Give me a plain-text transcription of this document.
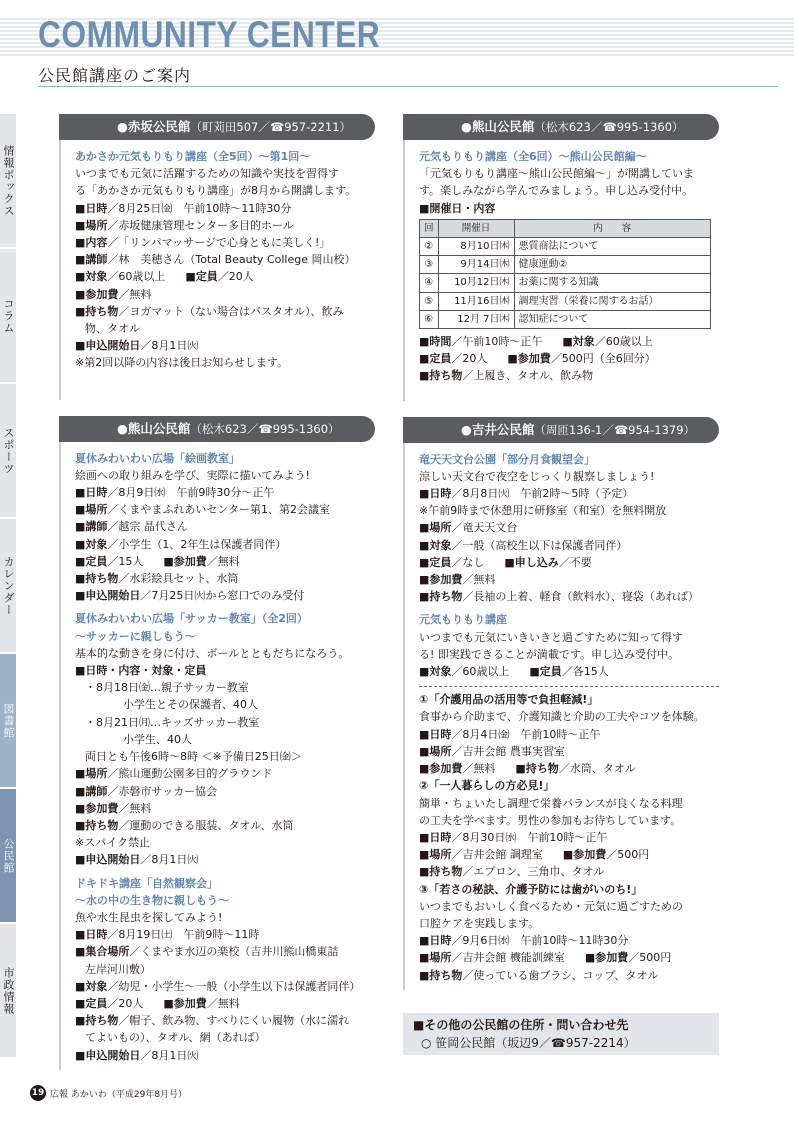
COMMUNITY CENTER
公民館講座のご案内
情報ボックス
コラム
スポーツ
カレンダー
図書館
公民館
市政情報
●赤坂公民館（町苅田507／☎957-2211）
あかさか元気もりもり講座（全5回）～第1回～
いつまでも元気に活躍するための知識や実技を習得す
る「あかさか元気もりもり講座」が8月から開講します。
■日時／8月25日㈮　午前10時～11時30分
■場所／赤坂健康管理センター多目的ホール
■内容／「リンパマッサージで心身ともに美しく!」
■講師／林　美穂さん（Total Beauty College 岡山校）
■対象／60歳以上 ■定員／20人
■参加費／無料
■持ち物／ヨガマット（ない場合はバスタオル）、飲み
物、タオル
■申込開始日／8月1日㈫
※第2回以降の内容は後日お知らせします。
●熊山公民館（松木623／☎995-1360）
夏休みわいわい広場「絵画教室」
絵画への取り組みを学び、実際に描いてみよう!
■日時／8月9日㈬　午前9時30分～正午
■場所／くまやまふれあいセンター第1、第2会議室
■講師／越宗 晶代さん
■対象／小学生（1、2年生は保護者同伴）
■定員／15人 ■参加費／無料
■持ち物／水彩絵具セット、水筒
■申込開始日／7月25日㈫から窓口でのみ受付
夏休みわいわい広場「サッカー教室」（全2回）
～サッカーに親しもう～
基本的な動きを身に付け、ボールとともだちになろう。
■日時・内容・対象・定員
・8月18日㈮…親子サッカー教室
小学生とその保護者、40人
・8月21日㈪…キッズサッカー教室
小学生、40人
両日とも午後6時～8時 ＜※予備日25日㈮＞
■場所／熊山運動公園多目的グラウンド
■講師／赤磐市サッカー協会
■参加費／無料
■持ち物／運動のできる服装、タオル、水筒
※スパイク禁止
■申込開始日／8月1日㈫
ドキドキ講座「自然観察会」
～水の中の生き物に親しもう～
魚や水生昆虫を探してみよう!
■日時／8月19日㈯　午前9時～11時
■集合場所／くまやま水辺の楽校（吉井川熊山橋東詰
左岸河川敷）
■対象／幼児・小学生～一般（小学生以下は保護者同伴）
■定員／20人 ■参加費／無料
■持ち物／帽子、飲み物、すべりにくい履物（水に濡れ
てよいもの）、タオル、網（あれば）
■申込開始日／8月1日㈫
●熊山公民館（松木623／☎995-1360）
元気もりもり講座（全6回）～熊山公民館編～
「元気もりもり講座～熊山公民館編～」が開講していま
す。楽しみながら学んでみましょう。申し込み受付中。
■開催日・内容
回	開催日	内　　容
②	8月10日㈭	悪質商法について
③	9月14日㈭	健康運動②
④	10月12日㈭	お薬に関する知識
⑤	11月16日㈭	調理実習（栄養に関するお話）
⑥	12月 7日㈭	認知症について
■時間／午前10時～正午 ■対象／60歳以上
■定員／20人 ■参加費／500円（全6回分）
■持ち物／上履き、タオル、飲み物
●吉井公民館（周匝136-1／☎954-1379）
竜天天文台公園「部分月食観望会」
涼しい天文台で夜空をじっくり観察しましょう!
■日時／8月8日㈫　午前2時～5時（予定）
※午前9時まで休憩用に研修室（和室）を無料開放
■場所／竜天天文台
■対象／一般（高校生以下は保護者同伴）
■定員／なし ■申し込み／不要
■参加費／無料
■持ち物／長袖の上着、軽食（飲料水）、寝袋（あれば）
元気もりもり講座
いつまでも元気にいきいきと過ごすために知って得す
る! 即実践できることが満載です。申し込み受付中。
■対象／60歳以上 ■定員／各15人
①「介護用品の活用等で負担軽減!」
食事から介助まで、介護知識と介助の工夫やコツを体験。
■日時／8月4日㈮　午前10時～正午
■場所／吉井会館 農事実習室
■参加費／無料 ■持ち物／水筒、タオル
②「一人暮らしの方必見!」
簡単・ちょいたし調理で栄養バランスが良くなる料理
の工夫を学べます。男性の参加もお待ちしています。
■日時／8月30日㈬　午前10時～正午
■場所／吉井会館 調理室 ■参加費／500円
■持ち物／エプロン、三角巾、タオル
③「若さの秘訣、介護予防には歯がいのち!」
いつまでもおいしく食べるため・元気に過ごすための
口腔ケアを実践します。
■日時／9月6日㈬　午前10時～11時30分
■場所／吉井会館 機能訓練室 ■参加費／500円
■持ち物／使っている歯ブラシ、コップ、タオル
■その他の公民館の住所・問い合わせ先
○ 笹岡公民館（坂辺9／☎957-2214）
19 広報 あかいわ（平成29年8月号）
